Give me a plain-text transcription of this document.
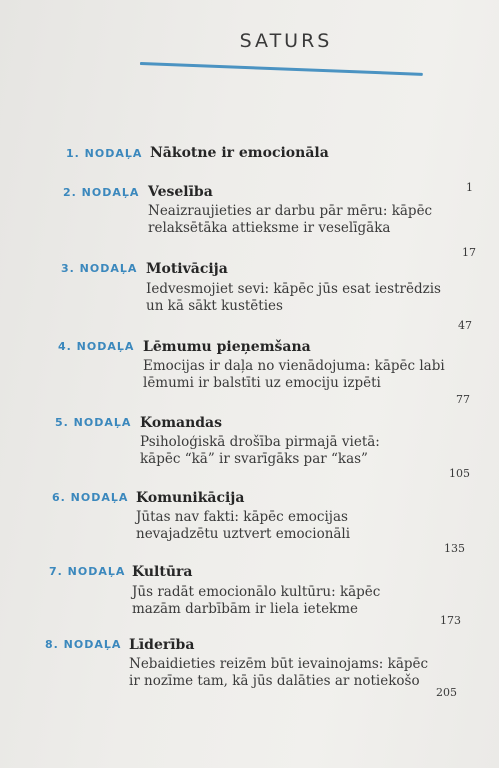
SATURS
1. NODAĻA Nākotne ir emocionāla
1
2. NODAĻA Veselība
Neaizraujieties ar darbu pār mēru: kāpēc
relaksētāka attieksme ir veselīgāka
17
3. NODAĻA Motivācija
Iedvesmojiet sevi: kāpēc jūs esat iestrēdzis
un kā sākt kustēties
47
4. NODAĻA Lēmumu pieņemšana
Emocijas ir daļa no vienādojuma: kāpēc labi
lēmumi ir balstīti uz emociju izpēti
77
5. NODAĻA Komandas
Psiholoģiskā drošība pirmajā vietā:
kāpēc “kā” ir svarīgāks par “kas”
105
6. NODAĻA Komunikācija
Jūtas nav fakti: kāpēc emocijas
nevajadzētu uztvert emocionāli
135
7. NODAĻA Kultūra
Jūs radāt emocionālo kultūru: kāpēc
mazām darbībām ir liela ietekme
173
8. NODAĻA Līderība
Nebaidieties reizēm būt ievainojams: kāpēc
ir nozīme tam, kā jūs dalāties ar notiekošo
205
